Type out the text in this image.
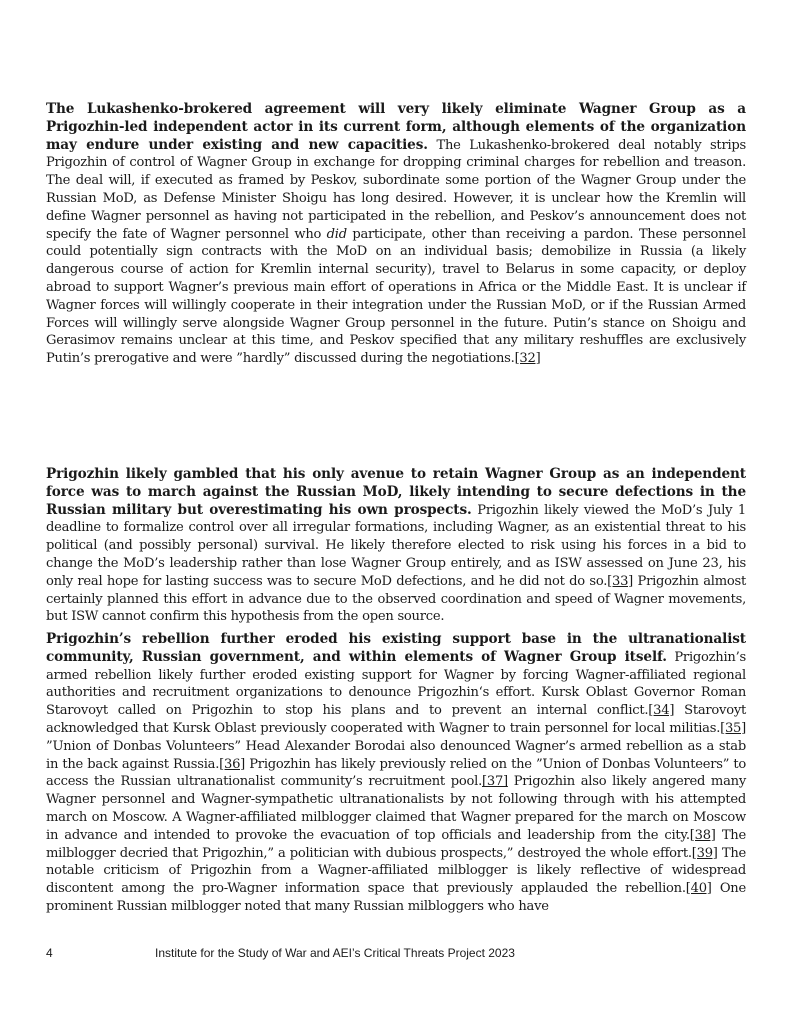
The Lukashenko-brokered agreement will very likely eliminate Wagner Group as a Prigozhin-led independent actor in its current form, although elements of the organization may endure under existing and new capacities. The Lukashenko-brokered deal notably strips Prigozhin of control of Wagner Group in exchange for dropping criminal charges for rebellion and treason. The deal will, if executed as framed by Peskov, subordinate some portion of the Wagner Group under the Russian MoD, as Defense Minister Shoigu has long desired. However, it is unclear how the Kremlin will define Wagner personnel as having not participated in the rebellion, and Peskov’s announcement does not specify the fate of Wagner personnel who did participate, other than receiving a pardon. These personnel could potentially sign contracts with the MoD on an individual basis; demobilize in Russia (a likely dangerous course of action for Kremlin internal security), travel to Belarus in some capacity, or deploy abroad to support Wagner’s previous main effort of operations in Africa or the Middle East. It is unclear if Wagner forces will willingly cooperate in their integration under the Russian MoD, or if the Russian Armed Forces will willingly serve alongside Wagner Group personnel in the future. Putin’s stance on Shoigu and Gerasimov remains unclear at this time, and Peskov specified that any military reshuffles are exclusively Putin’s prerogative and were ”hardly” discussed during the negotiations.[32]

Prigozhin likely gambled that his only avenue to retain Wagner Group as an independent force was to march against the Russian MoD, likely intending to secure defections in the Russian military but overestimating his own prospects. Prigozhin likely viewed the MoD’s July 1 deadline to formalize control over all irregular formations, including Wagner, as an existential threat to his political (and possibly personal) survival. He likely therefore elected to risk using his forces in a bid to change the MoD’s leadership rather than lose Wagner Group entirely, and as ISW assessed on June 23, his only real hope for lasting success was to secure MoD defections, and he did not do so.[33] Prigozhin almost certainly planned this effort in advance due to the observed coordination and speed of Wagner movements, but ISW cannot confirm this hypothesis from the open source.

Prigozhin’s rebellion further eroded his existing support base in the ultranationalist community, Russian government, and within elements of Wagner Group itself. Prigozhin’s armed rebellion likely further eroded existing support for Wagner by forcing Wagner-affiliated regional authorities and recruitment organizations to denounce Prigozhin‘s effort. Kursk Oblast Governor Roman Starovoyt called on Prigozhin to stop his plans and to prevent an internal conflict.[34] Starovoyt acknowledged that Kursk Oblast previously cooperated with Wagner to train personnel for local militias.[35] ”Union of Donbas Volunteers” Head Alexander Borodai also denounced Wagner’s armed rebellion as a stab in the back against Russia.[36] Prigozhin has likely previously relied on the ”Union of Donbas Volunteers” to access the Russian ultranationalist community’s recruitment pool.[37] Prigozhin also likely angered many Wagner personnel and Wagner-sympathetic ultranationalists by not following through with his attempted march on Moscow. A Wagner-affiliated milblogger claimed that Wagner prepared for the march on Moscow in advance and intended to provoke the evacuation of top officials and leadership from the city.[38] The milblogger decried that Prigozhin,” a politician with dubious prospects,” destroyed the whole effort.[39] The notable criticism of Prigozhin from a Wagner-affiliated milblogger is likely reflective of widespread discontent among the pro-Wagner information space that previously applauded the rebellion.[40] One prominent Russian milblogger noted that many Russian milbloggers who have

4	Institute for the Study of War and AEI’s Critical Threats Project 2023
